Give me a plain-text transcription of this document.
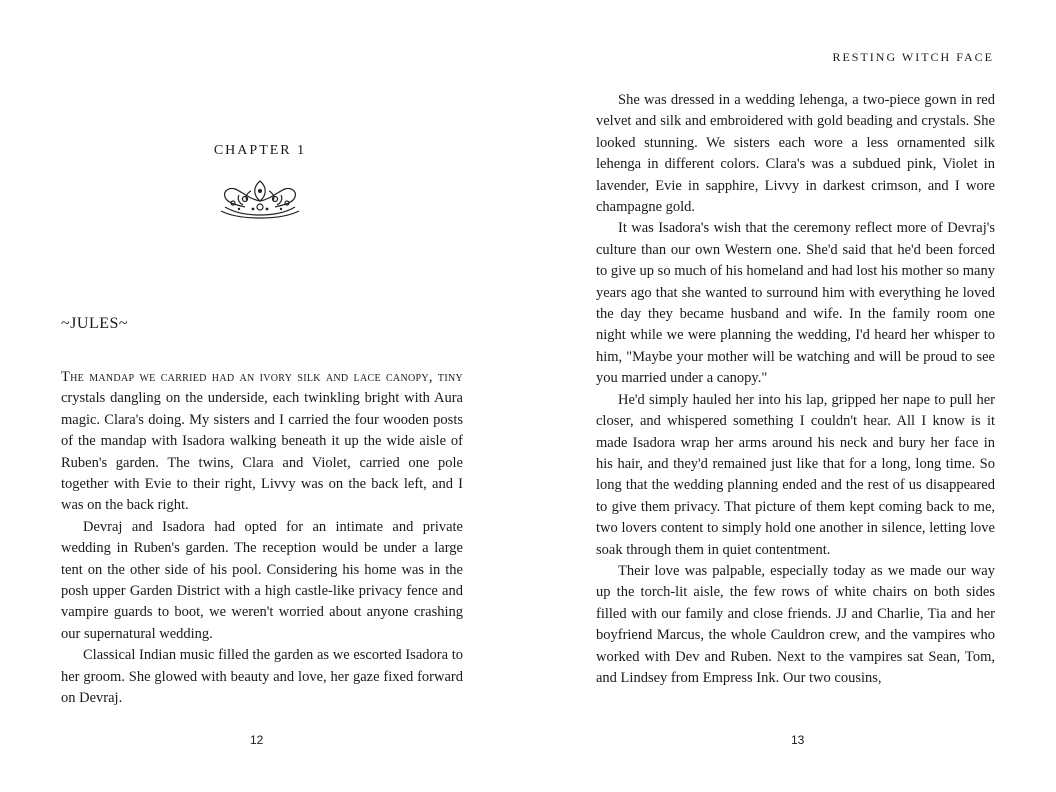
CHAPTER 1
~JULES~

The mandap we carried had an ivory silk and lace canopy, tiny crystals dangling on the underside, each twinkling bright with Aura magic. Clara's doing. My sisters and I carried the four wooden posts of the mandap with Isadora walking beneath it up the wide aisle of Ruben's garden. The twins, Clara and Violet, carried one pole together with Evie to their right, Livvy was on the back left, and I was on the back right.

Devraj and Isadora had opted for an intimate and private wedding in Ruben's garden. The reception would be under a large tent on the other side of his pool. Considering his home was in the posh upper Garden District with a high castle-like privacy fence and vampire guards to boot, we weren't worried about anyone crashing our supernatural wedding.

Classical Indian music filled the garden as we escorted Isadora to her groom. She glowed with beauty and love, her gaze fixed forward on Devraj.

12
RESTING WITCH FACE

She was dressed in a wedding lehenga, a two-piece gown in red velvet and silk and embroidered with gold beading and crystals. She looked stunning. We sisters each wore a less ornamented silk lehenga in different colors. Clara's was a subdued pink, Violet in lavender, Evie in sapphire, Livvy in darkest crimson, and I wore champagne gold.

It was Isadora's wish that the ceremony reflect more of Devraj's culture than our own Western one. She'd said that he'd been forced to give up so much of his homeland and had lost his mother so many years ago that she wanted to surround him with everything he loved the day they became husband and wife. In the family room one night while we were planning the wedding, I'd heard her whisper to him, "Maybe your mother will be watching and will be proud to see you married under a canopy."

He'd simply hauled her into his lap, gripped her nape to pull her closer, and whispered something I couldn't hear. All I know is it made Isadora wrap her arms around his neck and bury her face in his hair, and they'd remained just like that for a long, long time. So long that the wedding planning ended and the rest of us disappeared to give them privacy. That picture of them kept coming back to me, two lovers content to simply hold one another in silence, letting love soak through them in quiet contentment.

Their love was palpable, especially today as we made our way up the torch-lit aisle, the few rows of white chairs on both sides filled with our family and close friends. JJ and Charlie, Tia and her boyfriend Marcus, the whole Cauldron crew, and the vampires who worked with Dev and Ruben. Next to the vampires sat Sean, Tom, and Lindsey from Empress Ink. Our two cousins,

13
